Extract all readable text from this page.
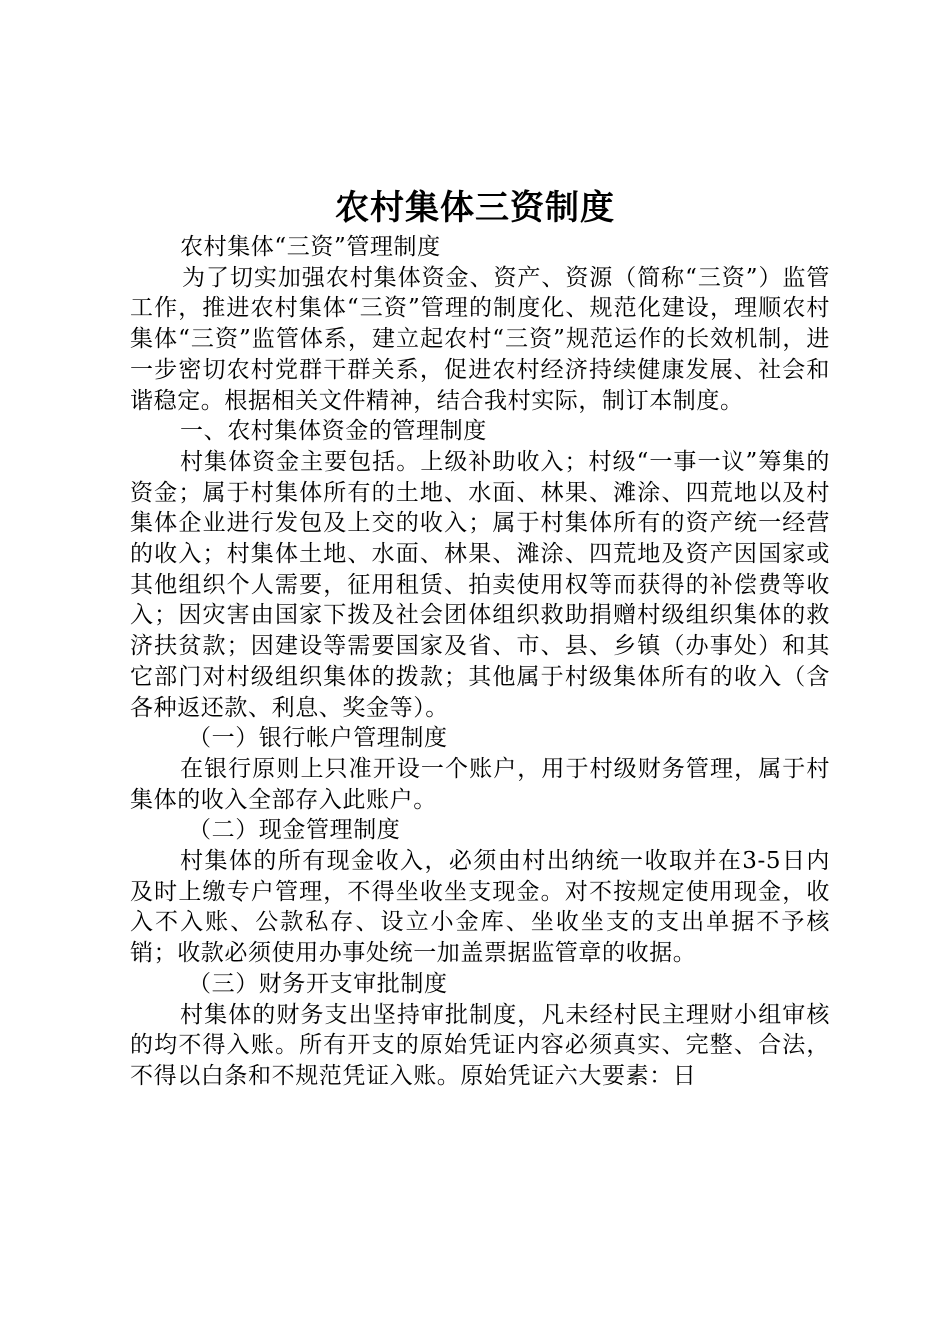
农村集体三资制度

农村集体“三资”管理制度

为了切实加强农村集体资金、资产、资源（简称“三资”）监管工作，推进农村集体“三资”管理的制度化、规范化建设，理顺农村集体“三资”监管体系，建立起农村“三资”规范运作的长效机制，进一步密切农村党群干群关系，促进农村经济持续健康发展、社会和谐稳定。根据相关文件精神，结合我村实际，制订本制度。

一、农村集体资金的管理制度

村集体资金主要包括。上级补助收入；村级“一事一议”筹集的资金；属于村集体所有的土地、水面、林果、滩涂、四荒地以及村集体企业进行发包及上交的收入；属于村集体所有的资产统一经营的收入；村集体土地、水面、林果、滩涂、四荒地及资产因国家或其他组织个人需要，征用租赁、拍卖使用权等而获得的补偿费等收入；因灾害由国家下拨及社会团体组织救助捐赠村级组织集体的救济扶贫款；因建设等需要国家及省、市、县、乡镇（办事处）和其它部门对村级组织集体的拨款；其他属于村级集体所有的收入（含各种返还款、利息、奖金等）。

（一）银行帐户管理制度

在银行原则上只准开设一个账户，用于村级财务管理，属于村集体的收入全部存入此账户。

（二）现金管理制度

村集体的所有现金收入，必须由村出纳统一收取并在3-5日内及时上缴专户管理，不得坐收坐支现金。对不按规定使用现金，收入不入账、公款私存、设立小金库、坐收坐支的支出单据不予核销；收款必须使用办事处统一加盖票据监管章的收据。

（三）财务开支审批制度

村集体的财务支出坚持审批制度，凡未经村民主理财小组审核的均不得入账。所有开支的原始凭证内容必须真实、完整、合法，不得以白条和不规范凭证入账。原始凭证六大要素：日
